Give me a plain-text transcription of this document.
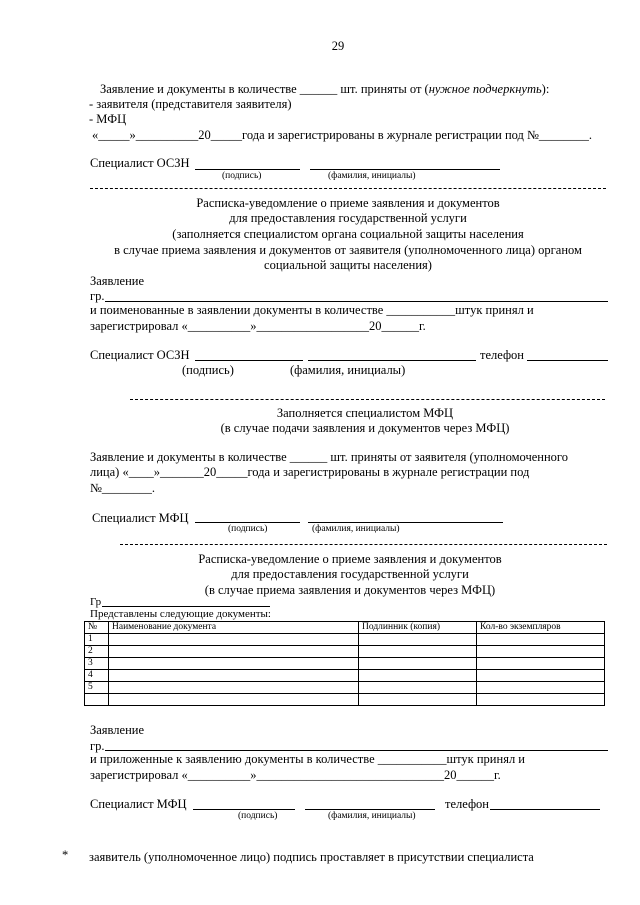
29
Заявление и документы в количестве ______ шт. приняты от (нужное подчеркнуть):
- заявителя (представителя заявителя)
- МФЦ
«_____»__________20_____года и зарегистрированы в журнале регистрации под №________.
Специалист ОСЗН
(подпись)	(фамилия, инициалы)
Расписка-уведомление о приеме заявления и документов
для предоставления государственной услуги
(заполняется специалистом органа социальной защиты населения
в случае приема заявления и документов от заявителя (уполномоченного лица) органом
социальной защиты населения)
Заявление
гр.
и поименованные в заявлении документы в количестве ___________штук принял и
зарегистрировал «__________»__________________20______г.
Специалист ОСЗН	телефон
(подпись)	(фамилия, инициалы)
Заполняется специалистом МФЦ
(в случае подачи заявления и документов через МФЦ)
Заявление и документы в количестве ______ шт. приняты от заявителя (уполномоченного
лица) «____»_______20_____года и зарегистрированы в журнале регистрации под
№________.
Специалист МФЦ
(подпись)	(фамилия, инициалы)
Расписка-уведомление о приеме заявления и документов
для предоставления государственной услуги
(в случае приема заявления и документов через МФЦ)
Гр
Представлены следующие документы:
№	Наименование документа	Подлинник (копия)	Кол-во экземпляров
1			
2			
3			
4			
5			

Заявление
гр.
и приложенные к заявлению документы в количестве ___________штук принял и
зарегистрировал «__________»______________________________20______г.
Специалист МФЦ	телефон
(подпись)	(фамилия, инициалы)
* заявитель (уполномоченное лицо) подпись проставляет в присутствии специалиста
